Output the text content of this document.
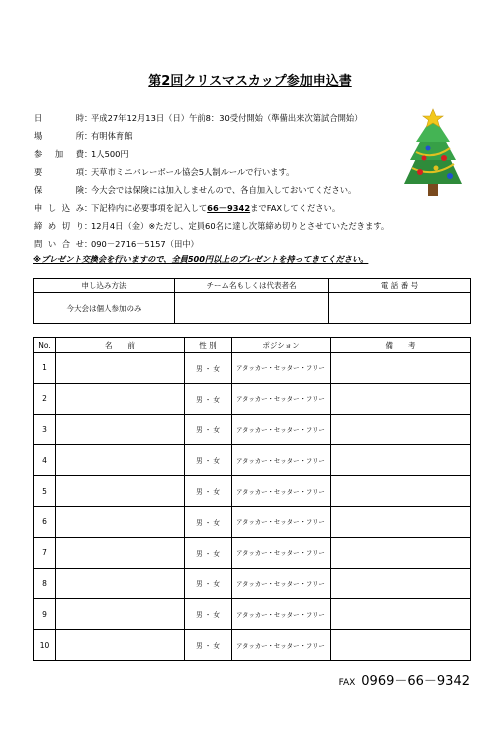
第2回クリスマスカップ参加申込書
日時 ：
平成27年12月13日（日）午前8：30受付開始（準備出来次第試合開始）
場所 ：
有明体育館
参加費 ：
1人500円
要項 ：
天草市ミニバレーボール協会5人制ルールで行います。
保険 ：
今大会では保険には加入しませんので、各自加入しておいてください。
申し込み ：
下記枠内に必要事項を記入して66－9342までFAXしてください。
締め切り ：
12月4日（金）※ただし、定員60名に達し次第締め切りとさせていただきます。
問い合せ ：
090－2716－5157（田中）
※プレゼント交換会を行いますので、全員500円以上のプレゼントを持ってきてください。
申し込み方法	チーム名もしくは代表者名	電 話 番 号
今大会は個人参加のみ		
No.	名　　前	性 別	ポジション	備　　考
1		男 ・ 女	アタッカー・セッター・フリー	
2		男 ・ 女	アタッカー・セッター・フリー	
3		男 ・ 女	アタッカー・セッター・フリー	
4		男 ・ 女	アタッカー・セッター・フリー	
5		男 ・ 女	アタッカー・セッター・フリー	
6		男 ・ 女	アタッカー・セッター・フリー	
7		男 ・ 女	アタッカー・セッター・フリー	
8		男 ・ 女	アタッカー・セッター・フリー	
9		男 ・ 女	アタッカー・セッター・フリー	
10		男 ・ 女	アタッカー・セッター・フリー	
FAX 0969－66－9342
